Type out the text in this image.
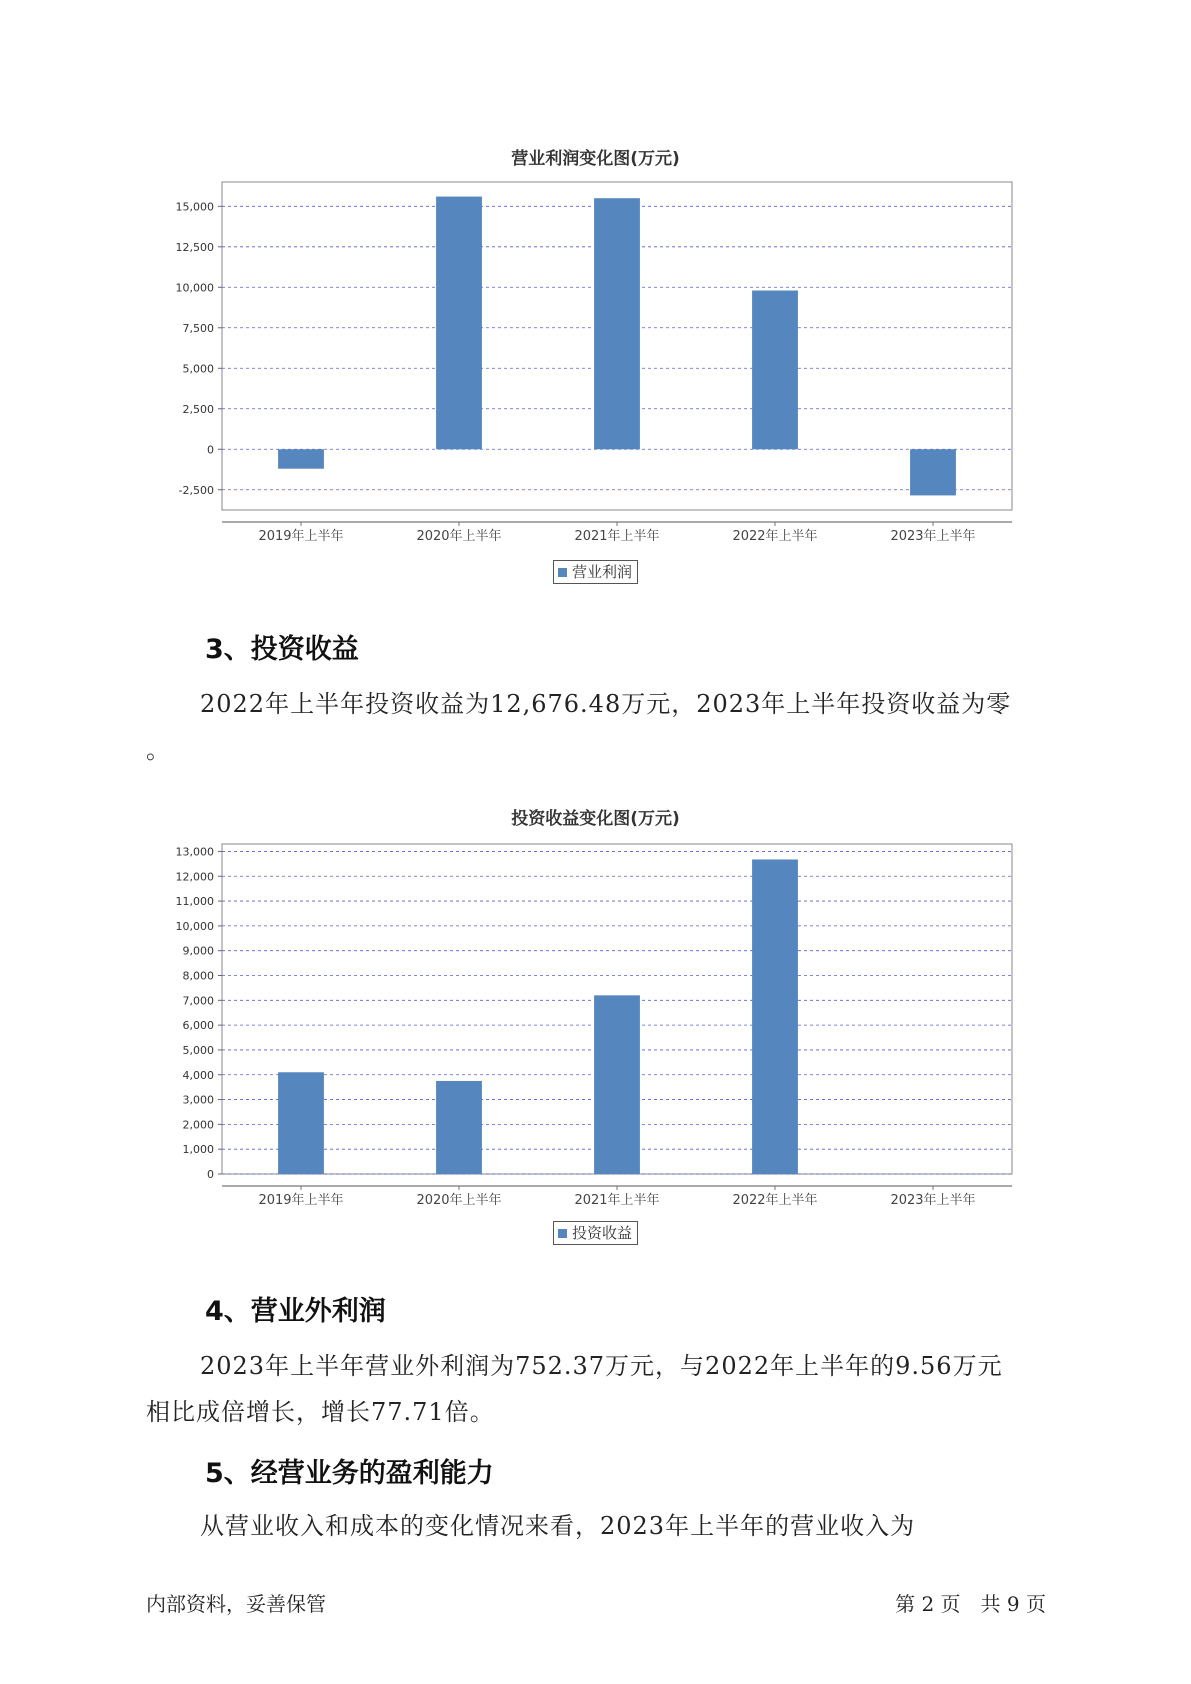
营业利润变化图(万元)
-2,500
0
2,500
5,000
7,500
10,000
12,500
15,000
2019年上半年	2020年上半年	2021年上半年	2022年上半年	2023年上半年
营业利润
3、投资收益
2022年上半年投资收益为12,676.48万元，2023年上半年投资收益为零
。
投资收益变化图(万元)
0
1,000
2,000
3,000
4,000
5,000
6,000
7,000
8,000
9,000
10,000
11,000
12,000
13,000
2019年上半年	2020年上半年	2021年上半年	2022年上半年	2023年上半年
投资收益
4、营业外利润
2023年上半年营业外利润为752.37万元，与2022年上半年的9.56万元
相比成倍增长，增长77.71倍。
5、经营业务的盈利能力
从营业收入和成本的变化情况来看，2023年上半年的营业收入为
内部资料，妥善保管	第 2 页　共 9 页
